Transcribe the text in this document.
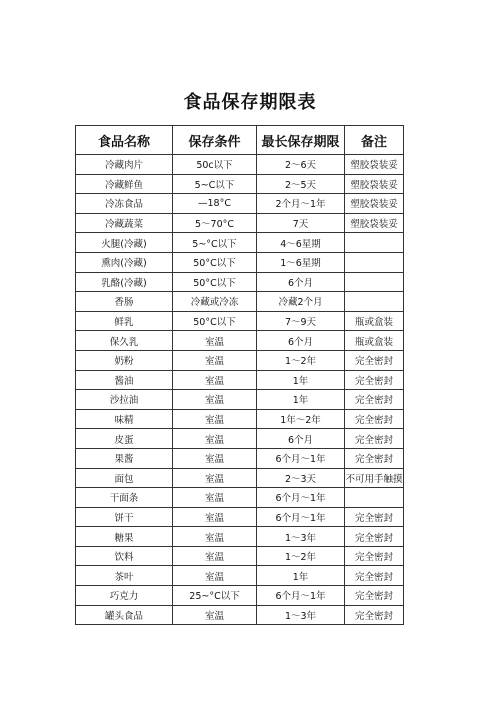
食品保存期限表
食品名称	保存条件	最长保存期限	备注
冷藏肉片	50c以下	2～6天	塑胶袋装妥
冷藏鲜鱼	5~C以下	2～5天	塑胶袋装妥
冷冻食品	—18°C	2个月～1年	塑胶袋装妥
冷藏蔬菜	5～70°C	7天	塑胶袋装妥
火腿(冷藏)	5~°C以下	4～6星期	
熏肉(冷藏)	50°C以下	1～6星期	
乳酪(冷藏)	50°C以下	6个月	
香肠	冷藏或冷冻	冷藏2个月	
鲜乳	50°C以下	7～9天	瓶或盒装
保久乳	室温	6个月	瓶或盒装
奶粉	室温	1～2年	完全密封
酱油	室温	1年	完全密封
沙拉油	室温	1年	完全密封
味精	室温	1年～2年	完全密封
皮蛋	室温	6个月	完全密封
果酱	室温	6个月～1年	完全密封
面包	室温	2～3天	不可用手触摸
干面条	室温	6个月～1年	
饼干	室温	6个月～1年	完全密封
糖果	室温	1～3年	完全密封
饮料	室温	1～2年	完全密封
茶叶	室温	1年	完全密封
巧克力	25~°C以下	6个月～1年	完全密封
罐头食品	室温	1～3年	完全密封
